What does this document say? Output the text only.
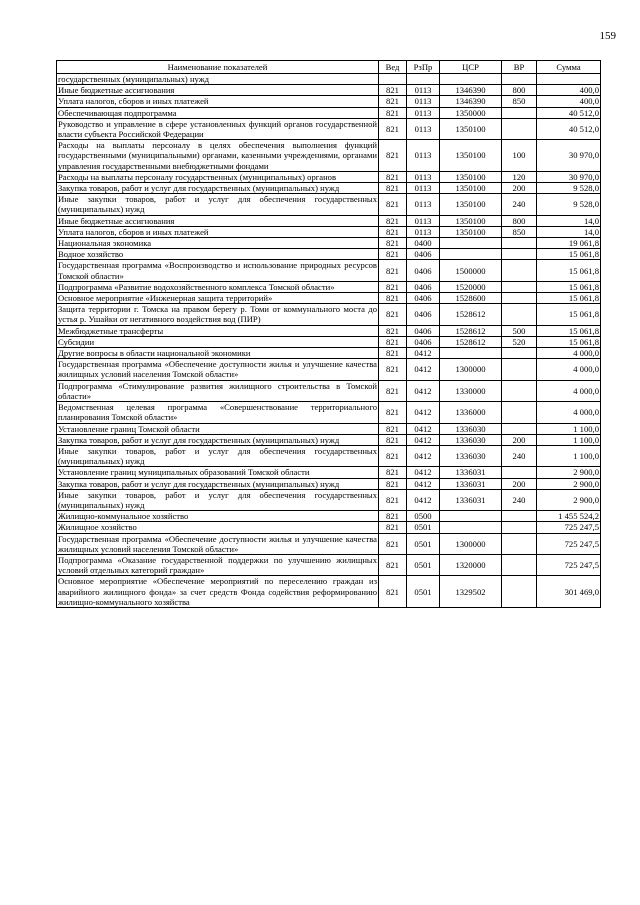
159
Наименование показателей	Вед	РзПр	ЦСР	ВР	Сумма
государственных (муниципальных) нужд					
Иные бюджетные ассигнования	821	0113	1346390	800	400,0
Уплата налогов, сборов и иных платежей	821	0113	1346390	850	400,0
Обеспечивающая подпрограмма	821	0113	1350000		40 512,0
Руководство и управление в сфере установленных функций органов государственной власти субъекта Российской Федерации	821	0113	1350100		40 512,0
Расходы на выплаты персоналу в целях обеспечения выполнения функций государственными (муниципальными) органами, казенными учреждениями, органами управления государственными внебюджетными фондами	821	0113	1350100	100	30 970,0
Расходы на выплаты персоналу государственных (муниципальных) органов	821	0113	1350100	120	30 970,0
Закупка товаров, работ и услуг для государственных (муниципальных) нужд	821	0113	1350100	200	9 528,0
Иные закупки товаров, работ и услуг для обеспечения государственных (муниципальных) нужд	821	0113	1350100	240	9 528,0
Иные бюджетные ассигнования	821	0113	1350100	800	14,0
Уплата налогов, сборов и иных платежей	821	0113	1350100	850	14,0
Национальная экономика	821	0400			19 061,8
Водное хозяйство	821	0406			15 061,8
Государственная программа «Воспроизводство и использование природных ресурсов Томской области»	821	0406	1500000		15 061,8
Подпрограмма «Развитие водохозяйственного комплекса Томской области»	821	0406	1520000		15 061,8
Основное мероприятие «Инженерная защита территорий»	821	0406	1528600		15 061,8
Защита территории г. Томска на правом берегу р. Томи от коммунального моста до устья р. Ушайки от негативного воздействия вод (ПИР)	821	0406	1528612		15 061,8
Межбюджетные трансферты	821	0406	1528612	500	15 061,8
Субсидии	821	0406	1528612	520	15 061,8
Другие вопросы в области национальной экономики	821	0412			4 000,0
Государственная программа «Обеспечение доступности жилья и улучшение качества жилищных условий населения Томской области»	821	0412	1300000		4 000,0
Подпрограмма «Стимулирование развития жилищного строительства в Томской области»	821	0412	1330000		4 000,0
Ведомственная целевая программа «Совершенствование территориального планирования Томской области»	821	0412	1336000		4 000,0
Установление границ Томской области	821	0412	1336030		1 100,0
Закупка товаров, работ и услуг для государственных (муниципальных) нужд	821	0412	1336030	200	1 100,0
Иные закупки товаров, работ и услуг для обеспечения государственных (муниципальных) нужд	821	0412	1336030	240	1 100,0
Установление границ муниципальных образований Томской области	821	0412	1336031		2 900,0
Закупка товаров, работ и услуг для государственных (муниципальных) нужд	821	0412	1336031	200	2 900,0
Иные закупки товаров, работ и услуг для обеспечения государственных (муниципальных) нужд	821	0412	1336031	240	2 900,0
Жилищно-коммунальное хозяйство	821	0500			1 455 524,2
Жилищное хозяйство	821	0501			725 247,5
Государственная программа «Обеспечение доступности жилья и улучшение качества жилищных условий населения Томской области»	821	0501	1300000		725 247,5
Подпрограмма «Оказание государственной поддержки по улучшению жилищных условий отдельных категорий граждан»	821	0501	1320000		725 247,5
Основное мероприятие «Обеспечение мероприятий по переселению граждан из аварийного жилищного фонда» за счет средств Фонда содействия реформированию жилищно-коммунального хозяйства	821	0501	1329502		301 469,0
